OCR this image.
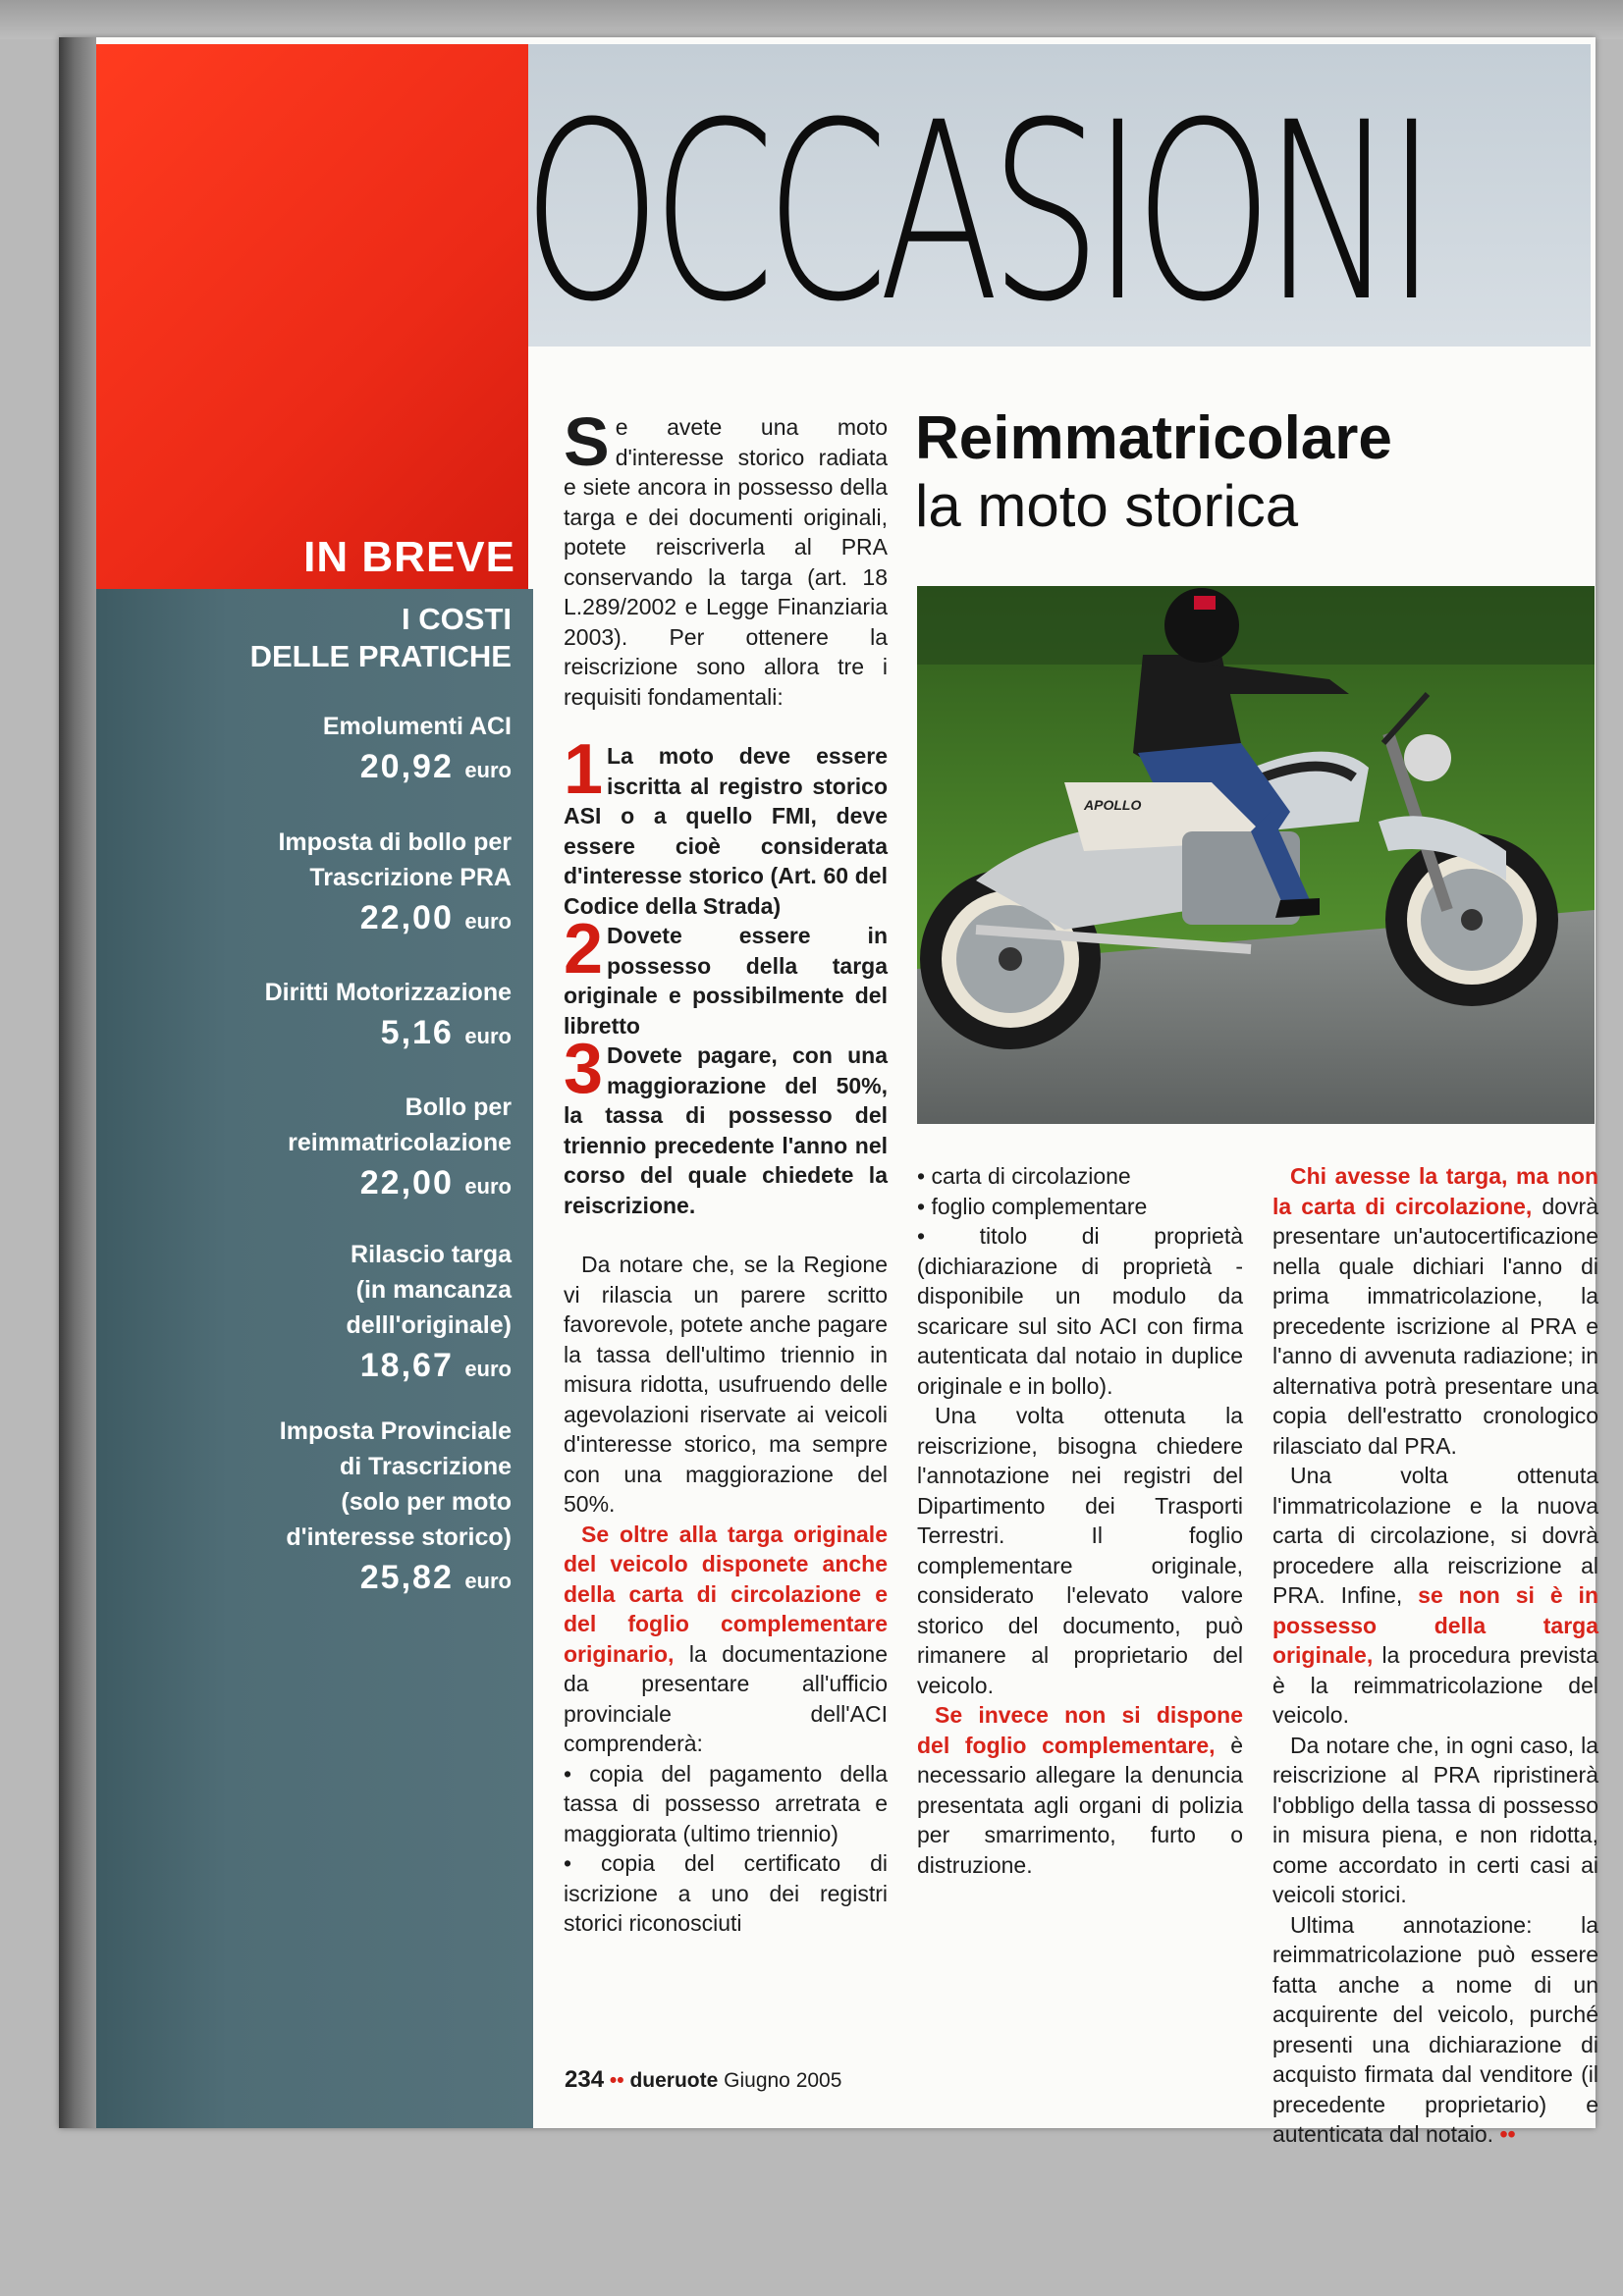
OCCASIONI
IN BREVE
I COSTI
DELLE PRATICHE
Emolumenti ACI
20,92 euro
Imposta di bollo per
Trascrizione PRA
22,00 euro
Diritti Motorizzazione
5,16 euro
Bollo per
reimmatricolazione
22,00 euro
Rilascio targa
(in mancanza
delll'originale)
18,67 euro
Imposta Provinciale
di Trascrizione
(solo per moto
d'interesse storico)
25,82 euro
Reimmatricolare
la moto storica
APOLLO

Se avete una moto d'interesse storico radiata e siete ancora in possesso della targa e dei documenti originali, potete reiscriverla al PRA conservando la targa (art. 18 L.289/2002 e Legge Finanziaria 2003). Per ottenere la reiscrizione sono allora tre i requisiti fondamentali:

1 La moto deve essere iscritta al registro storico ASI o a quello FMI, deve essere cioè considerata d'interesse storico (Art. 60 del Codice della Strada)

2 Dovete essere in possesso della targa originale e possibilmente del libretto

3 Dovete pagare, con una maggiorazione del 50%, la tassa di possesso del triennio precedente l'anno nel corso del quale chiedete la reiscrizione.

Da notare che, se la Regione vi rilascia un parere scritto favorevole, potete anche pagare la tassa dell'ultimo triennio in misura ridotta, usufruendo delle agevolazioni riservate ai veicoli d'interesse storico, ma sempre con una maggiorazione del 50%.

Se oltre alla targa originale del veicolo disponete anche della carta di circolazione e del foglio complementare originario, la documentazione da presentare all'ufficio provinciale dell'ACI comprenderà:

• copia del pagamento della tassa di possesso arretrata e maggiorata (ultimo triennio)

• copia del certificato di iscrizione a uno dei registri storici riconosciuti

• carta di circolazione

• foglio complementare

• titolo di proprietà (dichiarazione di proprietà - disponibile un modulo da scaricare sul sito ACI con firma autenticata dal notaio in duplice originale e in bollo).

Una volta ottenuta la reiscrizione, bisogna chiedere l'annotazione nei registri del Dipartimento dei Trasporti Terrestri. Il foglio complementare originale, considerato l'elevato valore storico del documento, può rimanere al proprietario del veicolo.

Se invece non si dispone del foglio complementare, è necessario allegare la denuncia presentata agli organi di polizia per smarrimento, furto o distruzione.

Chi avesse la targa, ma non la carta di circolazione, dovrà presentare un'autocertificazione nella quale dichiari l'anno di prima immatricolazione, la precedente iscrizione al PRA e l'anno di avvenuta radiazione; in alternativa potrà presentare una copia dell'estratto cronologico rilasciato dal PRA.

Una volta ottenuta l'immatricolazione e la nuova carta di circolazione, si dovrà procedere alla reiscrizione al PRA. Infine, se non si è in possesso della targa originale, la procedura prevista è la reimmatricolazione del veicolo.

Da notare che, in ogni caso, la reiscrizione al PRA ripristinerà l'obbligo della tassa di possesso in misura piena, e non ridotta, come accordato in certi casi ai veicoli storici.

Ultima annotazione: la reimmatricolazione può essere fatta anche a nome di un acquirente del veicolo, purché presenti una dichiarazione di acquisto firmata dal venditore (il precedente proprietario) e autenticata dal notaio. ••

234 •• dueruote Giugno 2005
